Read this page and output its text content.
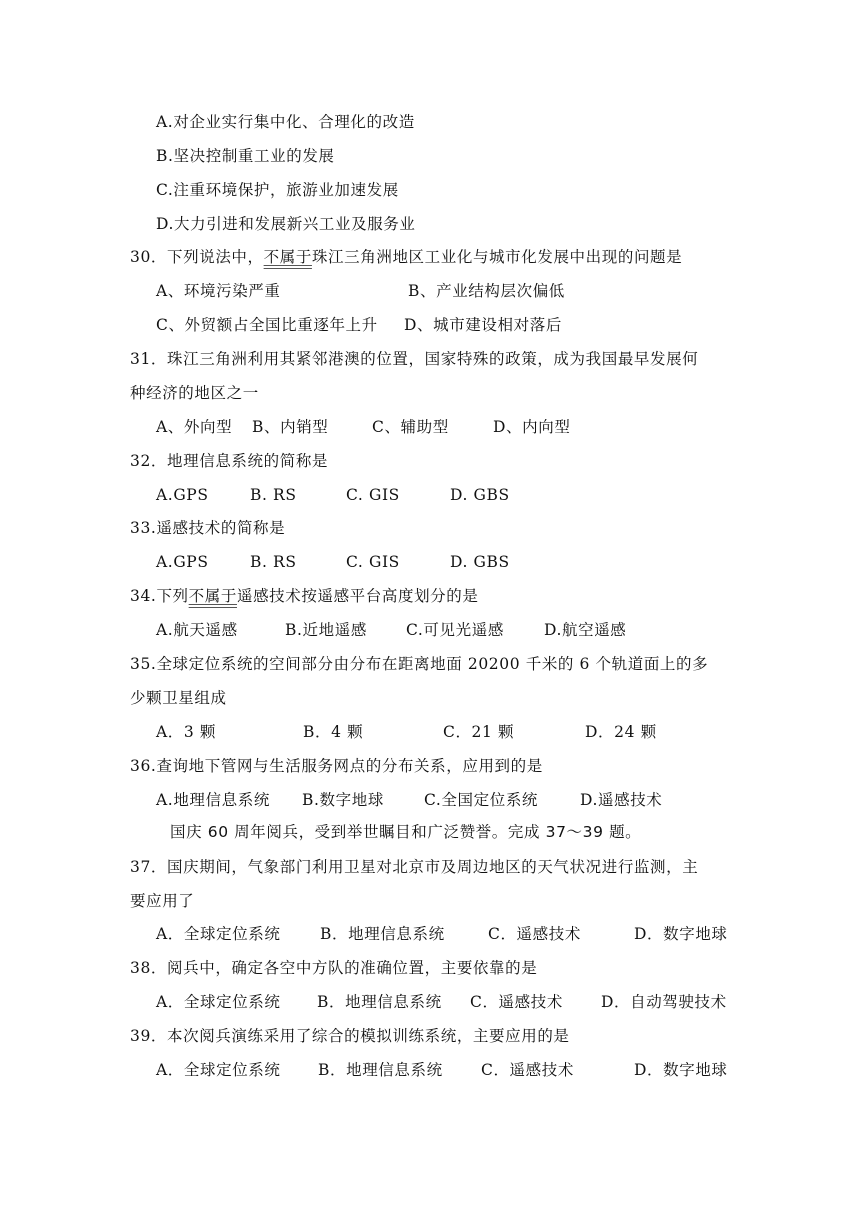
A.对企业实行集中化、合理化的改造
B.坚决控制重工业的发展
C.注重环境保护，旅游业加速发展
D.大力引进和发展新兴工业及服务业
30．下列说法中，不属于珠江三角洲地区工业化与城市化发展中出现的问题是
A、环境污染严重	B、产业结构层次偏低
C、外贸额占全国比重逐年上升 D、城市建设相对落后
31．珠江三角洲利用其紧邻港澳的位置，国家特殊的政策，成为我国最早发展何
种经济的地区之一
A、外向型 B、内销型	C、辅助型	D、内向型
32．地理信息系统的简称是
A.GPS	B. RS	C. GIS	D. GBS
33.遥感技术的简称是
A.GPS	B. RS	C. GIS	D. GBS
34.下列不属于遥感技术按遥感平台高度划分的是
A.航天遥感	B.近地遥感	C.可见光遥感	D.航空遥感
35.全球定位系统的空间部分由分布在距离地面 20200 千米的 6 个轨道面上的多
少颗卫星组成
A．3 颗	B．4 颗	C．21 颗	D．24 颗
36.查询地下管网与生活服务网点的分布关系，应用到的是
A.地理信息系统 B.数字地球	C.全国定位系统	D.遥感技术
国庆 60 周年阅兵，受到举世瞩目和广泛赞誉。完成 37～39 题。
37．国庆期间，气象部门利用卫星对北京市及周边地区的天气状况进行监测，主
要应用了
A．全球定位系统	B．地理信息系统	C．遥感技术	D．数字地球
38．阅兵中，确定各空中方队的准确位置，主要依靠的是
A．全球定位系统 B．地理信息系统 C．遥感技术 D．自动驾驶技术
39．本次阅兵演练采用了综合的模拟训练系统，主要应用的是
A．全球定位系统 B．地理信息系统 C．遥感技术	D．数字地球
